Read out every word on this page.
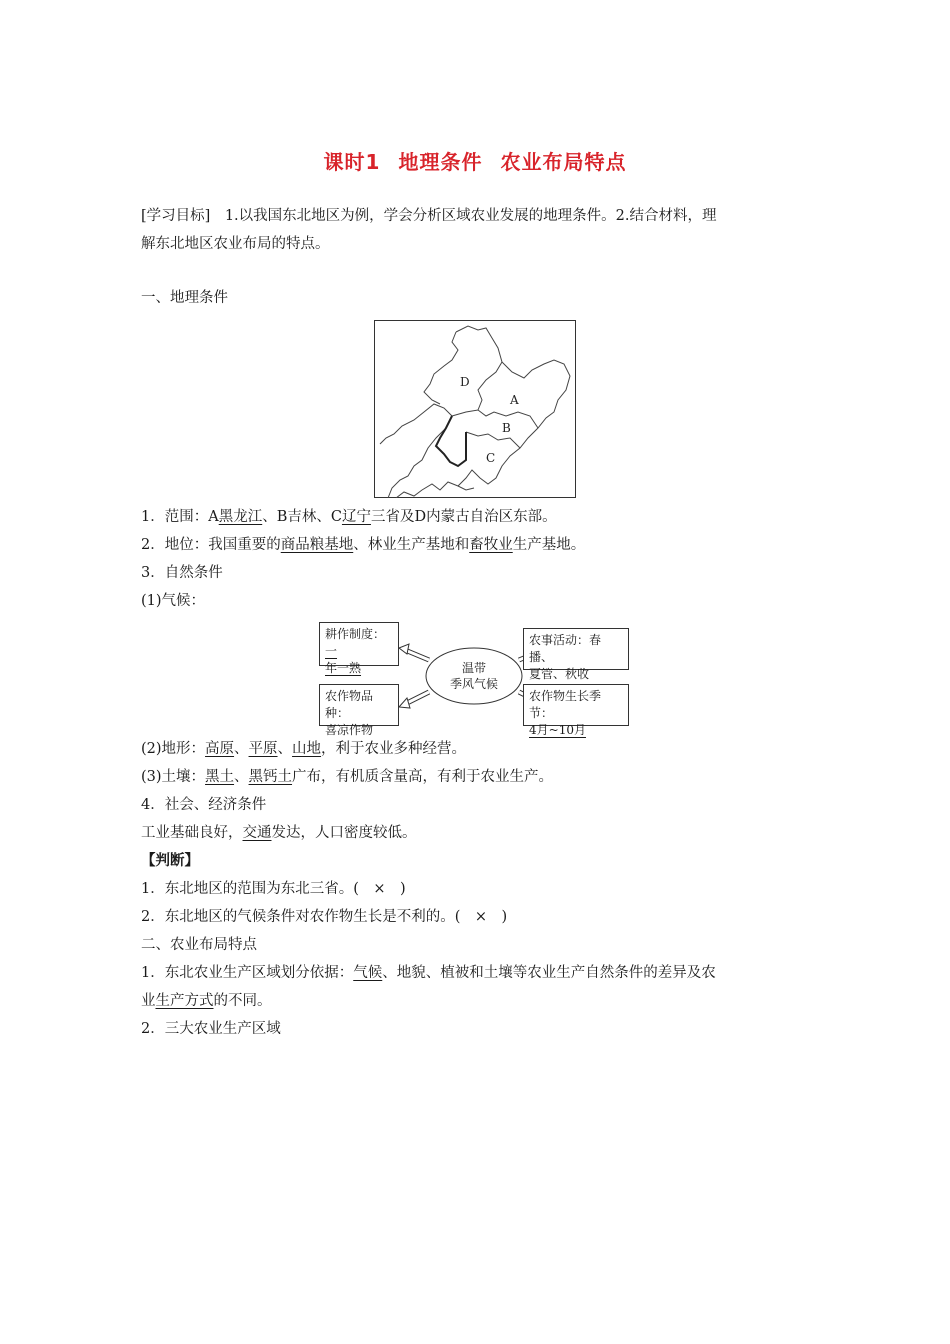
课时1 地理条件 农业布局特点
[学习目标]　1.以我国东北地区为例，学会分析区域农业发展的地理条件。2.结合材料，理
解东北地区农业布局的特点。
一、地理条件
D
A
B
C
1．范围：A黑龙江、B吉林、C辽宁三省及D内蒙古自治区东部。
2．地位：我国重要的商品粮基地、林业生产基地和畜牧业生产基地。
3．自然条件
(1)气候：
温带
季风气候
耕作制度：一
年一熟
农事活动：春播、
夏管、秋收
农作物品种：
喜凉作物
农作物生长季节：
4月~10月
(2)地形：高原、平原、山地，利于农业多种经营。
(3)土壤：黑土、黑钙土广布，有机质含量高，有利于农业生产。
4．社会、经济条件
工业基础良好，交通发达，人口密度较低。
【判断】
1．东北地区的范围为东北三省。(　×　)
2．东北地区的气候条件对农作物生长是不利的。(　×　)
二、农业布局特点
1．东北农业生产区域划分依据：气候、地貌、植被和土壤等农业生产自然条件的差异及农
业生产方式的不同。
2．三大农业生产区域
